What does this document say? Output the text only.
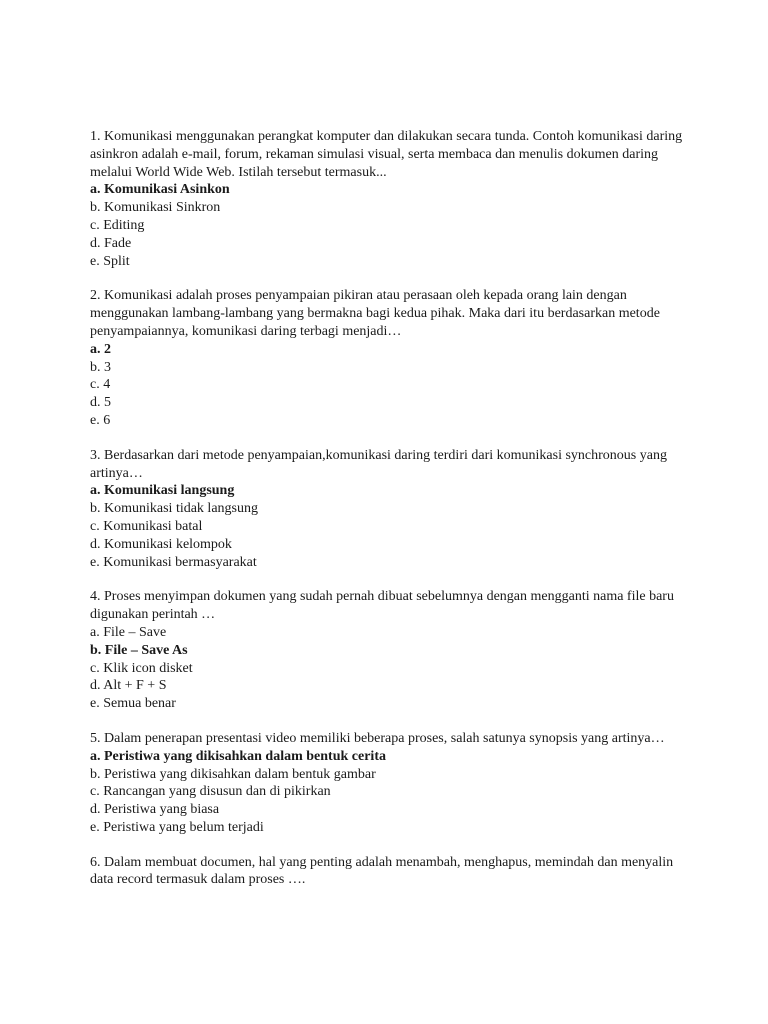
1. Komunikasi menggunakan perangkat komputer dan dilakukan secara tunda. Contoh komunikasi daring asinkron adalah e-mail, forum, rekaman simulasi visual, serta membaca dan menulis dokumen daring melalui World Wide Web. Istilah tersebut termasuk...

a. Komunikasi Asinkon
b. Komunikasi Sinkron
c. Editing
d. Fade
e. Split

2. Komunikasi adalah proses penyampaian pikiran atau perasaan oleh kepada orang lain dengan menggunakan lambang-lambang yang bermakna bagi kedua pihak. Maka dari itu berdasarkan metode penyampaiannya, komunikasi daring terbagi menjadi…

a. 2
b. 3
c. 4
d. 5
e. 6

3. Berdasarkan dari metode penyampaian,komunikasi daring terdiri dari komunikasi synchronous yang artinya…

a. Komunikasi langsung
b. Komunikasi tidak langsung
c. Komunikasi batal
d. Komunikasi kelompok
e. Komunikasi bermasyarakat

4. Proses menyimpan dokumen yang sudah pernah dibuat sebelumnya dengan mengganti nama file baru digunakan perintah …

a. File – Save
b. File – Save As
c. Klik icon disket
d. Alt + F + S
e. Semua benar

5. Dalam penerapan presentasi video memiliki beberapa proses, salah satunya synopsis yang artinya…

a. Peristiwa yang dikisahkan dalam bentuk cerita
b. Peristiwa yang dikisahkan dalam bentuk gambar
c. Rancangan yang disusun dan di pikirkan
d. Peristiwa yang biasa
e. Peristiwa yang belum terjadi

6. Dalam membuat documen, hal yang penting adalah menambah, menghapus, memindah dan menyalin data record termasuk dalam proses ….
